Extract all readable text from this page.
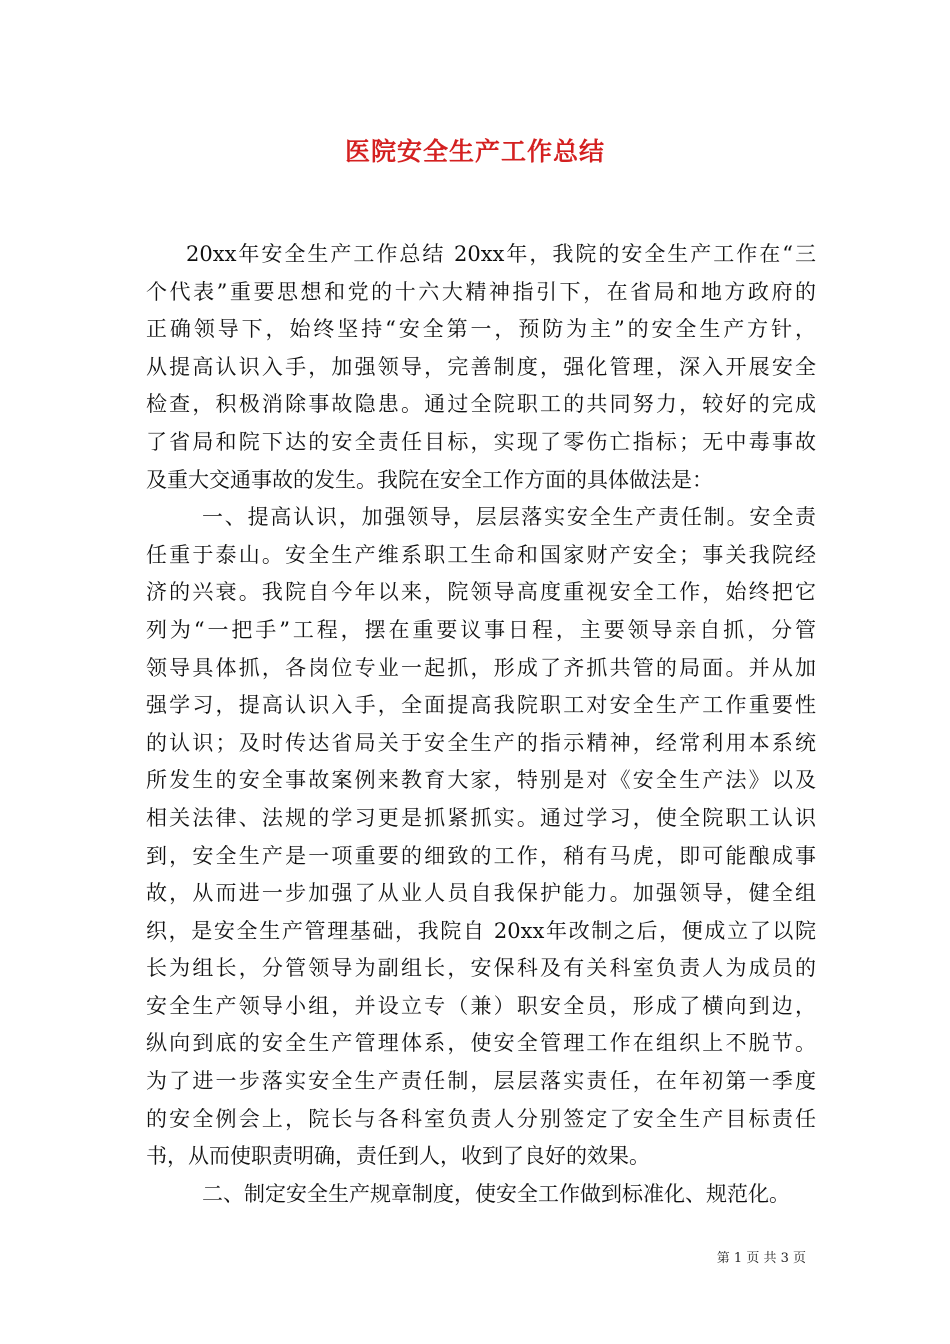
医院安全生产工作总结
20xx年安全生产工作总结 20xx年，我院的安全生产工作在“三
个代表”重要思想和党的十六大精神指引下，在省局和地方政府的
正确领导下，始终坚持“安全第一，预防为主”的安全生产方针，
从提高认识入手，加强领导，完善制度，强化管理，深入开展安全
检查，积极消除事故隐患。通过全院职工的共同努力，较好的完成
了省局和院下达的安全责任目标，实现了零伤亡指标；无中毒事故
及重大交通事故的发生。我院在安全工作方面的具体做法是：
一、提高认识，加强领导，层层落实安全生产责任制。安全责
任重于泰山。安全生产维系职工生命和国家财产安全；事关我院经
济的兴衰。我院自今年以来，院领导高度重视安全工作，始终把它
列为“一把手”工程，摆在重要议事日程，主要领导亲自抓，分管
领导具体抓，各岗位专业一起抓，形成了齐抓共管的局面。并从加
强学习，提高认识入手，全面提高我院职工对安全生产工作重要性
的认识；及时传达省局关于安全生产的指示精神，经常利用本系统
所发生的安全事故案例来教育大家，特别是对《安全生产法》以及
相关法律、法规的学习更是抓紧抓实。通过学习，使全院职工认识
到，安全生产是一项重要的细致的工作，稍有马虎，即可能酿成事
故，从而进一步加强了从业人员自我保护能力。加强领导，健全组
织，是安全生产管理基础，我院自 20xx年改制之后，便成立了以院
长为组长，分管领导为副组长，安保科及有关科室负责人为成员的
安全生产领导小组，并设立专（兼）职安全员，形成了横向到边，
纵向到底的安全生产管理体系，使安全管理工作在组织上不脱节。
为了进一步落实安全生产责任制，层层落实责任，在年初第一季度
的安全例会上，院长与各科室负责人分别签定了安全生产目标责任
书，从而使职责明确，责任到人，收到了良好的效果。
二、制定安全生产规章制度，使安全工作做到标准化、规范化。
第 1 页 共 3 页
